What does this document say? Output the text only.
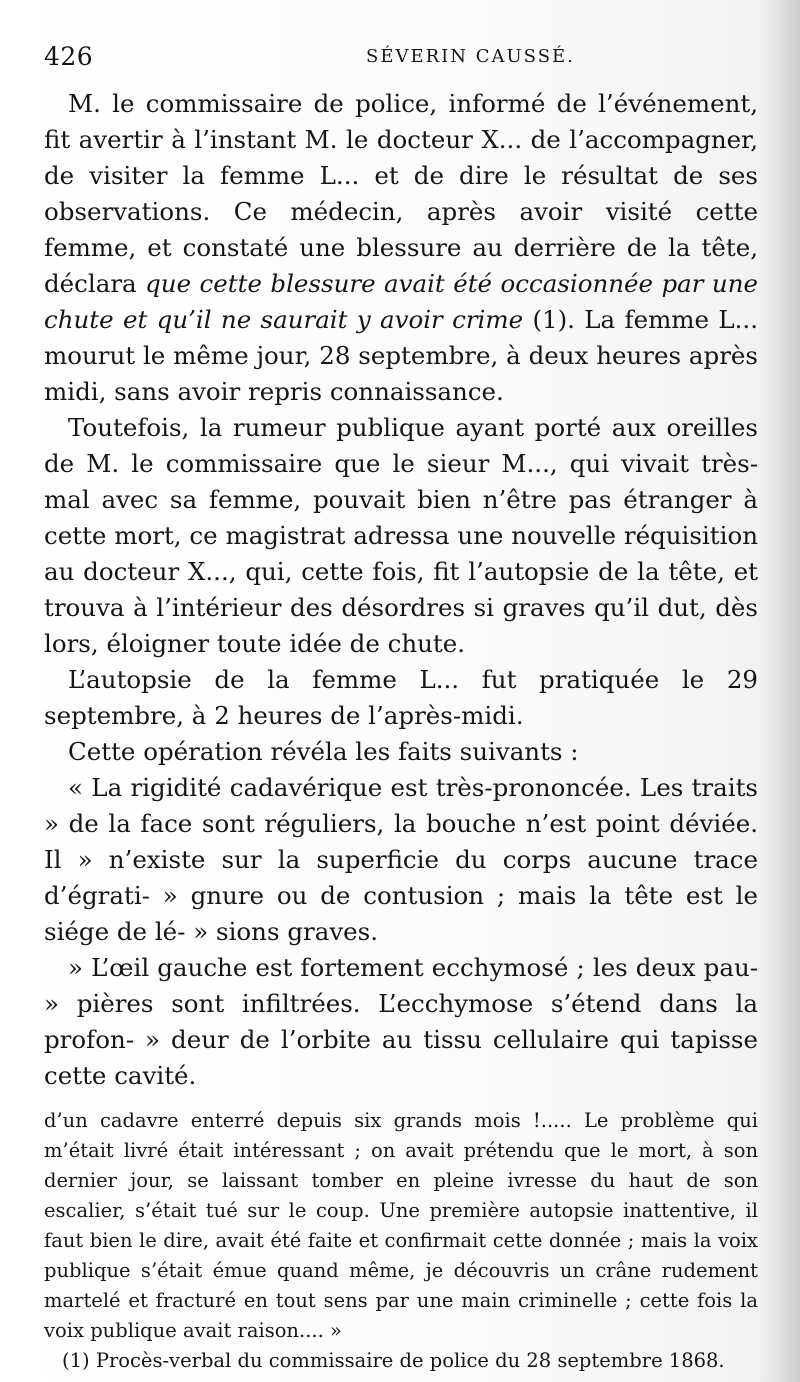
426	SÉVERIN CAUSSÉ.

M. le commissaire de police, informé de l’événement, fit avertir à l’instant M. le docteur X... de l’accompagner, de visiter la femme L... et de dire le résultat de ses observations. Ce médecin, après avoir visité cette femme, et constaté une blessure au derrière de la tête, déclara que cette blessure avait été occasionnée par une chute et qu’il ne saurait y avoir crime (1). La femme L... mourut le même jour, 28 septembre, à deux heures après midi, sans avoir repris connaissance.

Toutefois, la rumeur publique ayant porté aux oreilles de M. le commissaire que le sieur M..., qui vivait très-mal avec sa femme, pouvait bien n’être pas étranger à cette mort, ce magistrat adressa une nouvelle réquisition au docteur X..., qui, cette fois, fit l’autopsie de la tête, et trouva à l’intérieur des désordres si graves qu’il dut, dès lors, éloigner toute idée de chute.

L’autopsie de la femme L... fut pratiquée le 29 septembre, à 2 heures de l’après-midi.

Cette opération révéla les faits suivants :

« La rigidité cadavérique est très-prononcée. Les traits » de la face sont réguliers, la bouche n’est point déviée. Il » n’existe sur la superficie du corps aucune trace d’égrati- » gnure ou de contusion ; mais la tête est le siége de lé- » sions graves.

» L’œil gauche est fortement ecchymosé ; les deux pau- » pières sont infiltrées. L’ecchymose s’étend dans la profon- » deur de l’orbite au tissu cellulaire qui tapisse cette cavité.

d’un cadavre enterré depuis six grands mois !..... Le problème qui m’était livré était intéressant ; on avait prétendu que le mort, à son dernier jour, se laissant tomber en pleine ivresse du haut de son escalier, s’était tué sur le coup. Une première autopsie inattentive, il faut bien le dire, avait été faite et confirmait cette donnée ; mais la voix publique s’était émue quand même, je découvris un crâne rudement martelé et fracturé en tout sens par une main criminelle ; cette fois la voix publique avait raison.... »

(1) Procès-verbal du commissaire de police du 28 septembre 1868.
